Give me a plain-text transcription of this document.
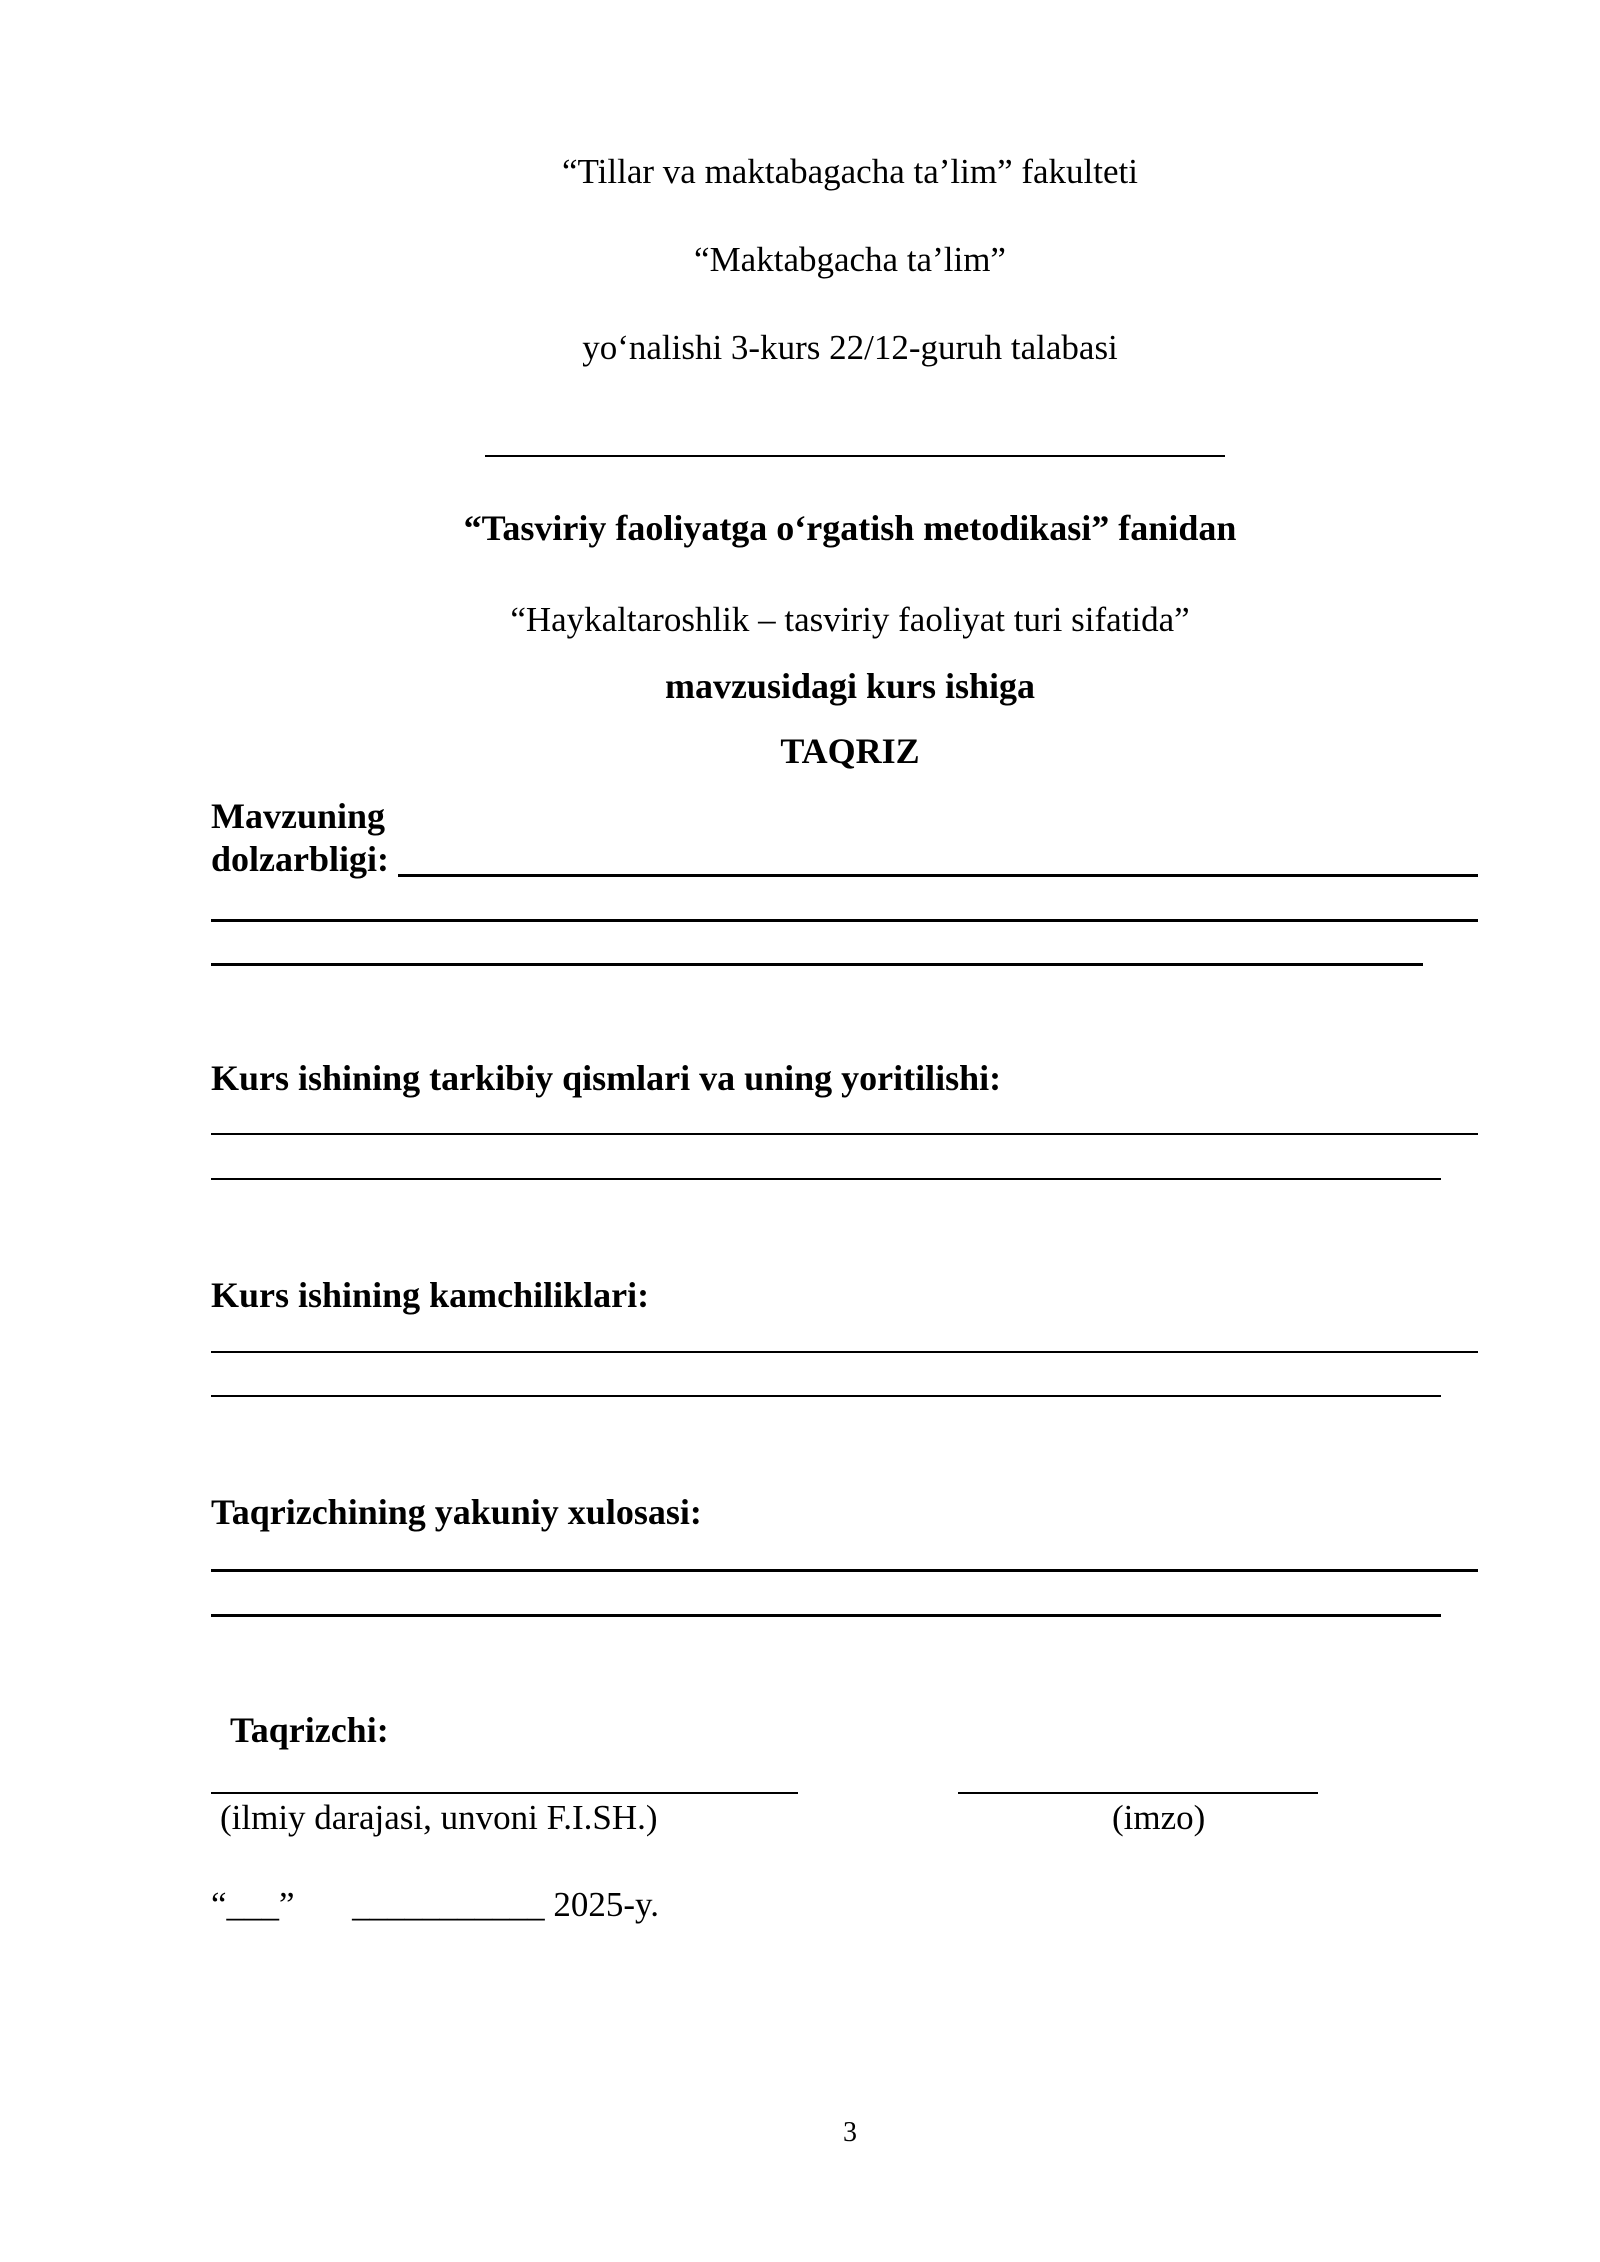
“Tillar va maktabagacha ta’lim” fakulteti
“Maktabgacha ta’lim”
yo‘nalishi 3-kurs 22/12-guruh talabasi
“Tasviriy faoliyatga o‘rgatish metodikasi” fanidan
“Haykaltaroshlik – tasviriy faoliyat turi sifatida”
mavzusidagi kurs ishiga
TAQRIZ
Mavzuning
dolzarbligi:
Kurs ishining tarkibiy qismlari va uning yoritilishi:
Kurs ishining kamchiliklari:
Taqrizchining yakuniy xulosasi:
Taqrizchi:
(ilmiy darajasi, unvoni F.I.SH.)	(imzo)
“___” ___________ 2025-y.
3
